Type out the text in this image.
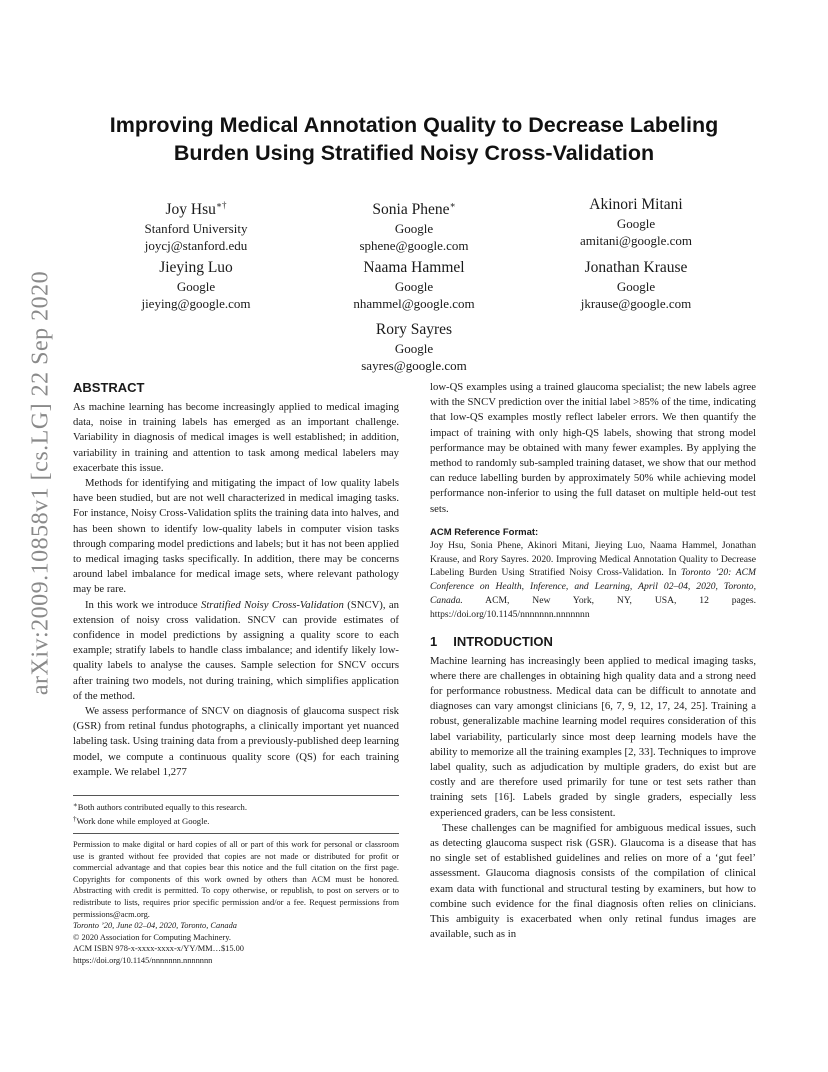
arXiv:2009.10858v1 [cs.LG] 22 Sep 2020
Improving Medical Annotation Quality to Decrease Labeling
Burden Using Stratified Noisy Cross-Validation
Joy Hsu∗†
Stanford University
joycj@stanford.edu
Sonia Phene∗
Google
sphene@google.com
Akinori Mitani
Google
amitani@google.com
Jieying Luo
Google
jieying@google.com
Naama Hammel
Google
nhammel@google.com
Jonathan Krause
Google
jkrause@google.com
Rory Sayres
Google
sayres@google.com
ABSTRACT

As machine learning has become increasingly applied to medical imaging data, noise in training labels has emerged as an important challenge. Variability in diagnosis of medical images is well established; in addition, variability in training and attention to task among medical labelers may exacerbate this issue.

Methods for identifying and mitigating the impact of low quality labels have been studied, but are not well characterized in medical imaging tasks. For instance, Noisy Cross-Validation splits the training data into halves, and has been shown to identify low-quality labels in computer vision tasks through comparing model predictions and labels; but it has not been applied to medical imaging tasks specifically. In addition, there may be concerns around label imbalance for medical image sets, where relevant pathology may be rare.

In this work we introduce Stratified Noisy Cross-Validation (SNCV), an extension of noisy cross validation. SNCV can provide estimates of confidence in model predictions by assigning a quality score to each example; stratify labels to handle class imbalance; and identify likely low-quality labels to analyse the causes. Sample selection for SNCV occurs after training two models, not during training, which simplifies application of the method.

We assess performance of SNCV on diagnosis of glaucoma suspect risk (GSR) from retinal fundus photographs, a clinically important yet nuanced labeling task. Using training data from a previously-published deep learning model, we compute a continuous quality score (QS) for each training example. We relabel 1,277

∗Both authors contributed equally to this research.
†Work done while employed at Google.
Permission to make digital or hard copies of all or part of this work for personal or classroom use is granted without fee provided that copies are not made or distributed for profit or commercial advantage and that copies bear this notice and the full citation on the first page. Copyrights for components of this work owned by others than ACM must be honored. Abstracting with credit is permitted. To copy otherwise, or republish, to post on servers or to redistribute to lists, requires prior specific permission and/or a fee. Request permissions from permissions@acm.org.
Toronto ’20, June 02–04, 2020, Toronto, Canada
© 2020 Association for Computing Machinery.
ACM ISBN 978-x-xxxx-xxxx-x/YY/MM…$15.00
https://doi.org/10.1145/nnnnnnn.nnnnnnn

low-QS examples using a trained glaucoma specialist; the new labels agree with the SNCV prediction over the initial label >85% of the time, indicating that low-QS examples mostly reflect labeler errors. We then quantify the impact of training with only high-QS labels, showing that strong model performance may be obtained with many fewer examples. By applying the method to randomly sub-sampled training dataset, we show that our method can reduce labelling burden by approximately 50% while achieving model performance non-inferior to using the full dataset on multiple held-out test sets.

ACM Reference Format:

Joy Hsu, Sonia Phene, Akinori Mitani, Jieying Luo, Naama Hammel, Jonathan Krause, and Rory Sayres. 2020. Improving Medical Annotation Quality to Decrease Labeling Burden Using Stratified Noisy Cross-Validation. In Toronto ’20: ACM Conference on Health, Inference, and Learning, April 02–04, 2020, Toronto, Canada. ACM, New York, NY, USA, 12 pages. https://doi.org/10.1145/nnnnnnn.nnnnnnn

1 INTRODUCTION

Machine learning has increasingly been applied to medical imaging tasks, where there are challenges in obtaining high quality data and a strong need for performance robustness. Medical data can be difficult to annotate and diagnoses can vary amongst clinicians [6, 7, 9, 12, 17, 24, 25]. Training a robust, generalizable machine learning model requires consideration of this label variability, particularly since most deep learning models have the ability to memorize all the training examples [2, 33]. Techniques to improve label quality, such as adjudication by multiple graders, do exist but are costly and are therefore used primarily for tune or test sets rather than training sets [16]. Labels graded by single graders, especially less experienced graders, can be less consistent.

These challenges can be magnified for ambiguous medical issues, such as detecting glaucoma suspect risk (GSR). Glaucoma is a disease that has no single set of established guidelines and relies on more of a ‘gut feel’ assessment. Glaucoma diagnosis consists of the compilation of clinical exam data with functional and structural testing by examiners, but how to combine such evidence for the final diagnosis often relies on clinicians. This ambiguity is exacerbated when only retinal fundus images are available, such as in
